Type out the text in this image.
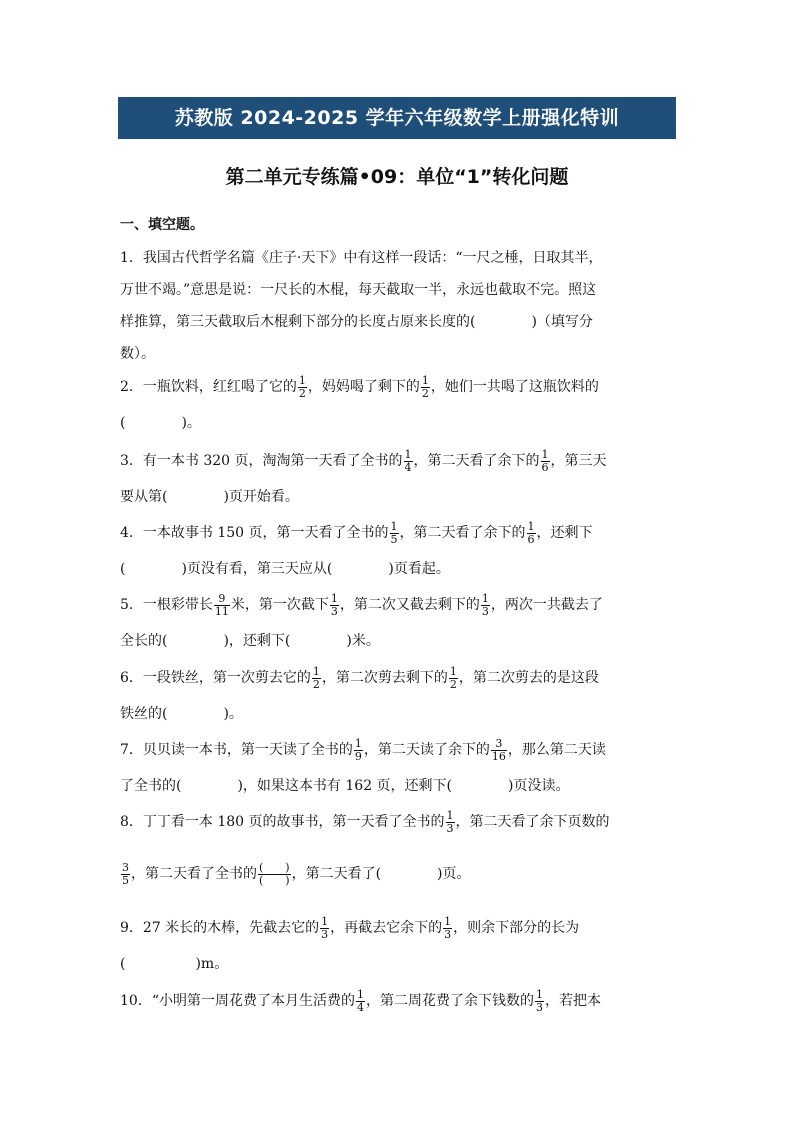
苏教版 2024-2025 学年六年级数学上册强化特训
第二单元专练篇•09：单位“1”转化问题
一、填空题。
1．我国古代哲学名篇《庄子·天下》中有这样一段话：“一尺之棰，日取其半，
万世不竭。”意思是说：一尺长的木棍，每天截取一半，永远也截取不完。照这
样推算，第三天截取后木棍剩下部分的长度占原来长度的(　　　　)（填写分
数）。
2．一瓶饮料，红红喝了它的 $\frac{1}{2}$ ，妈妈喝了剩下的 $\frac{1}{2}$ ，她们一共喝了这瓶饮料的
(　　　　)。
3．有一本书 320 页，淘淘第一天看了全书的 $\frac{1}{4}$ ，第二天看了余下的 $\frac{1}{6}$ ，第三天
要从第(　　　　)页开始看。
4．一本故事书 150 页，第一天看了全书的 $\frac{1}{5}$ ，第二天看了余下的 $\frac{1}{6}$ ，还剩下
(　　　　)页没有看，第三天应从(　　　　)页看起。
5．一根彩带长 $\frac{9}{11}$ 米，第一次截下 $\frac{1}{3}$ ，第二次又截去剩下的 $\frac{1}{3}$ ，两次一共截去了
全长的(　　　　)，还剩下(　　　　)米。
6．一段铁丝，第一次剪去它的 $\frac{1}{2}$ ，第二次剪去剩下的 $\frac{1}{2}$ ，第二次剪去的是这段
铁丝的(　　　　)。
7．贝贝读一本书，第一天读了全书的 $\frac{1}{9}$ ，第二天读了余下的 $\frac{3}{16}$ ，那么第二天读
了全书的(　　　　)，如果这本书有 162 页，还剩下(　　　　)页没读。
8．丁丁看一本 180 页的故事书，第一天看了全书的 $\frac{1}{3}$ ，第二天看了余下页数的
$\frac{3}{5}$ ，第二天看了全书的 $\frac{( )}{( )}$ ，第二天看了(　　　　)页。
9．27 米长的木棒，先截去它的 $\frac{1}{3}$ ，再截去它余下的 $\frac{1}{3}$ ，则余下部分的长为
(　　　　　)m。
10．“小明第一周花费了本月生活费的 $\frac{1}{4}$ ，第二周花费了余下钱数的 $\frac{1}{3}$ ，若把本
